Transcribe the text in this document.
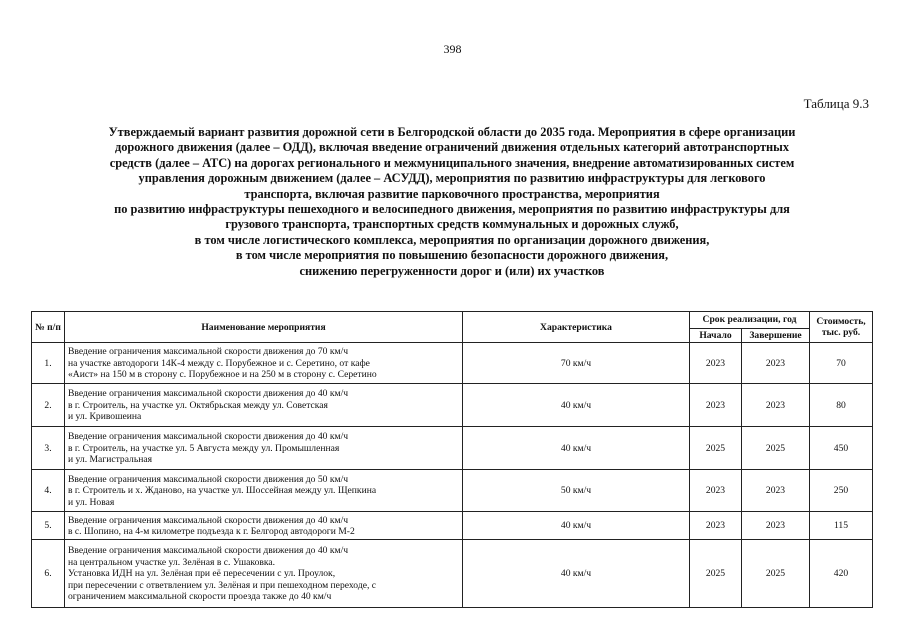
398
Таблица 9.3
Утверждаемый вариант развития дорожной сети в Белгородской области до 2035 года. Мероприятия в сфере организации
дорожного движения (далее – ОДД), включая введение ограничений движения отдельных категорий автотранспортных
средств (далее – АТС) на дорогах регионального и межмуниципального значения, внедрение автоматизированных систем
управления дорожным движением (далее – АСУДД), мероприятия по развитию инфраструктуры для легкового
транспорта, включая развитие парковочного пространства, мероприятия
по развитию инфраструктуры пешеходного и велосипедного движения, мероприятия по развитию инфраструктуры для
грузового транспорта, транспортных средств коммунальных и дорожных служб,
в том числе логистического комплекса, мероприятия по организации дорожного движения,
в том числе мероприятия по повышению безопасности дорожного движения,
снижению перегруженности дорог и (или) их участков
№ п/п	Наименование мероприятия	Характеристика	Срок реализации, год		Стоимость, тыс. руб.
			Начало	Завершение	
1.	Введение ограничения максимальной скорости движения до 70 км/ч
на участке автодороги 14К-4 между с. Порубежное и с. Серетино, от кафе
«Аист» на 150 м в сторону с. Порубежное и на 250 м в сторону с. Серетино	70 км/ч	2023	2023	70
2.	Введение ограничения максимальной скорости движения до 40 км/ч
в г. Строитель, на участке ул. Октябрьская между ул. Советская
и ул. Кривошеина	40 км/ч	2023	2023	80
3.	Введение ограничения максимальной скорости движения до 40 км/ч
в г. Строитель, на участке ул. 5 Августа между ул. Промышленная
и ул. Магистральная	40 км/ч	2025	2025	450
4.	Введение ограничения максимальной скорости движения до 50 км/ч
в г. Строитель и х. Жданово, на участке ул. Шоссейная между ул. Щепкина
и ул. Новая	50 км/ч	2023	2023	250
5.	Введение ограничения максимальной скорости движения до 40 км/ч
в с. Шопино, на 4-м километре подъезда к г. Белгород автодороги М-2	40 км/ч	2023	2023	115
6.	Введение ограничения максимальной скорости движения до 40 км/ч
на центральном участке ул. Зелёная в с. Ушаковка.
Установка ИДН на ул. Зелёная при её пересечении с ул. Проулок,
при пересечении с ответвлением ул. Зелёная и при пешеходном переходе, с
ограничением максимальной скорости проезда также до 40 км/ч	40 км/ч	2025	2025	420
